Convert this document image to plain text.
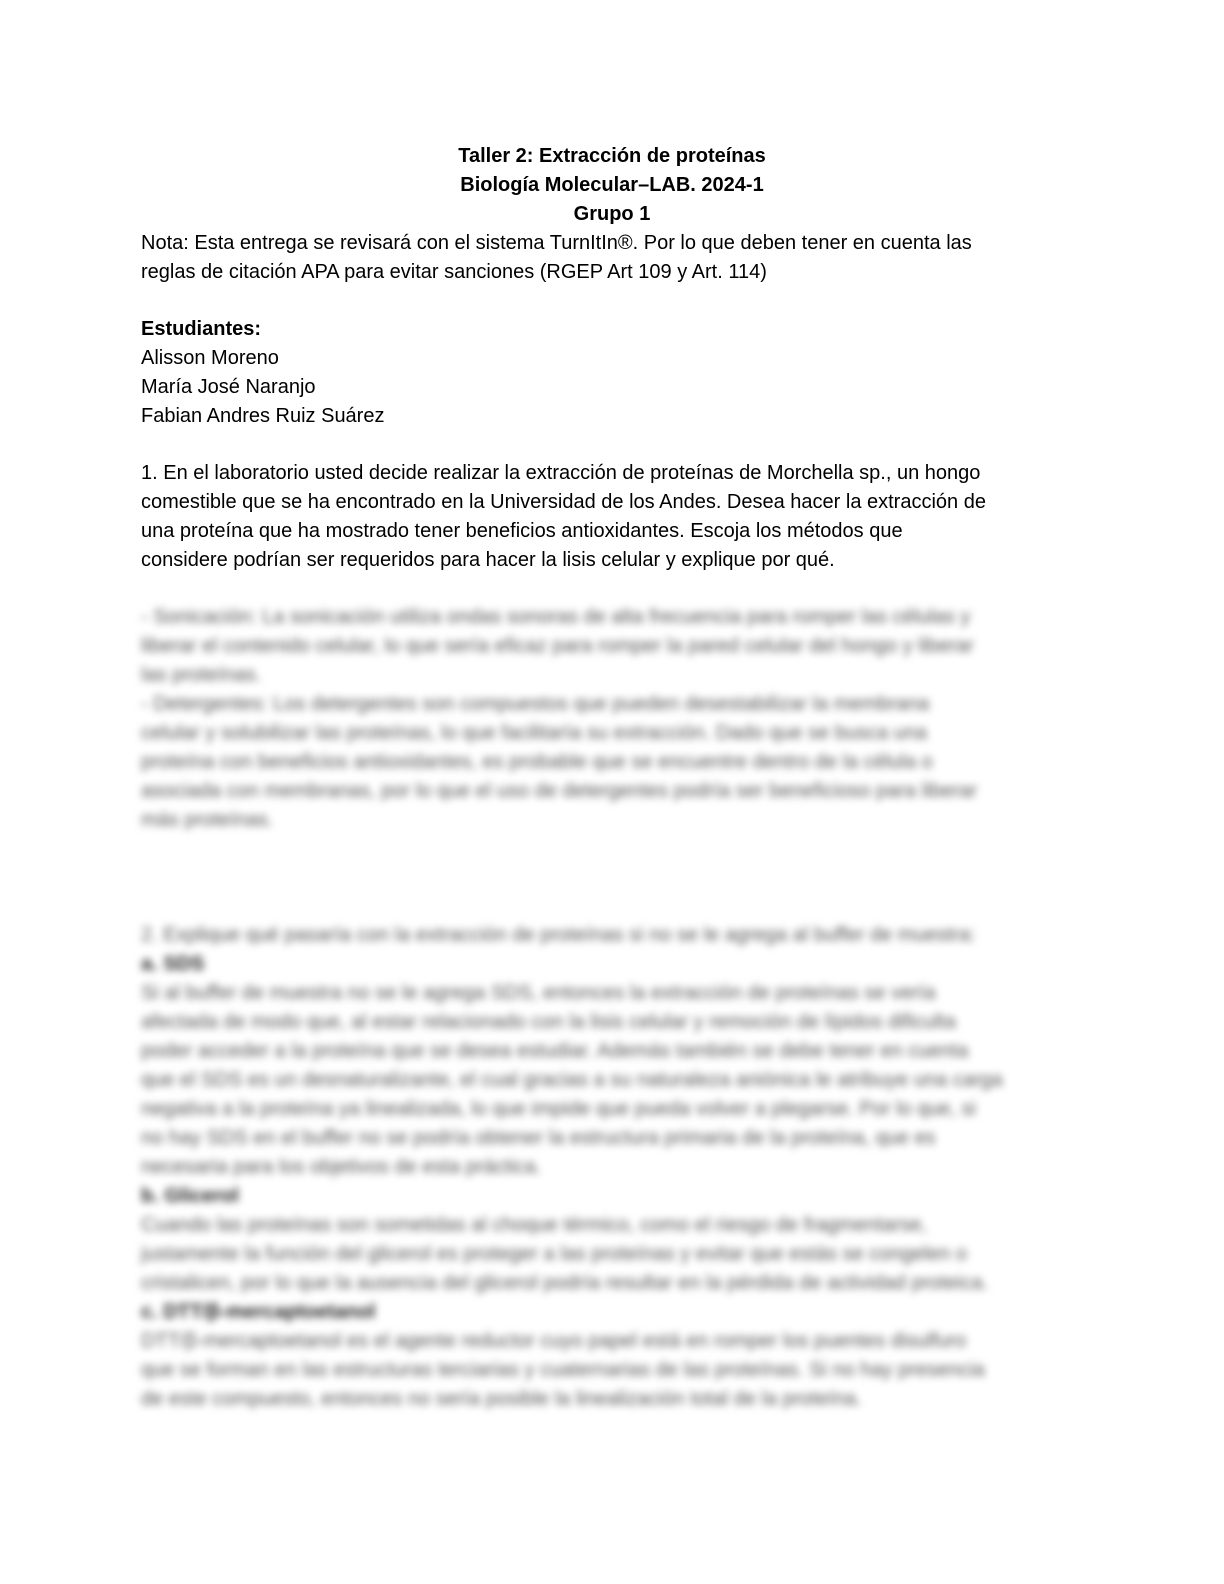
Taller 2: Extracción de proteínas
Biología Molecular–LAB. 2024-1
Grupo 1

Nota: Esta entrega se revisará con el sistema TurnItIn®. Por lo que deben tener en cuenta las

reglas de citación APA para evitar sanciones (RGEP Art 109 y Art. 114)

Estudiantes:

Alisson Moreno

María José Naranjo

Fabian Andres Ruiz Suárez

1. En el laboratorio usted decide realizar la extracción de proteínas de Morchella sp., un hongo

comestible que se ha encontrado en la Universidad de los Andes. Desea hacer la extracción de

una proteína que ha mostrado tener beneficios antioxidantes. Escoja los métodos que

considere podrían ser requeridos para hacer la lisis celular y explique por qué.

- Sonicación: La sonicación utiliza ondas sonoras de alta frecuencia para romper las células y

liberar el contenido celular, lo que sería eficaz para romper la pared celular del hongo y liberar

las proteínas.

- Detergentes: Los detergentes son compuestos que pueden desestabilizar la membrana

celular y solubilizar las proteínas, lo que facilitaría su extracción. Dado que se busca una

proteína con beneficios antioxidantes, es probable que se encuentre dentro de la célula o

asociada con membranas, por lo que el uso de detergentes podría ser beneficioso para liberar

más proteínas.

2. Explique qué pasaría con la extracción de proteínas si no se le agrega al buffer de muestra:

a. SDS

Si al buffer de muestra no se le agrega SDS, entonces la extracción de proteínas se vería

afectada de modo que, al estar relacionado con la lisis celular y remoción de lípidos dificulta

poder acceder a la proteína que se desea estudiar. Además también se debe tener en cuenta

que el SDS es un desnaturalizante, el cual gracias a su naturaleza aniónica le atribuye una carga

negativa a la proteína ya linealizada, lo que impide que pueda volver a plegarse. Por lo que, si

no hay SDS en el buffer no se podría obtener la estructura primaria de la proteína, que es

necesaria para los objetivos de esta práctica.

b. Glicerol

Cuando las proteínas son sometidas al choque térmico, como el riesgo de fragmentarse,

justamente la función del glicerol es proteger a las proteínas y evitar que estás se congelen o

cristalicen, por lo que la ausencia del glicerol podría resultar en la pérdida de actividad proteica.

c. DTT/β-mercaptoetanol

DTT/β-mercaptoetanol es el agente reductor cuyo papel está en romper los puentes disulfuro

que se forman en las estructuras terciarias y cuaternarias de las proteínas. Si no hay presencia

de este compuesto, entonces no sería posible la linealización total de la proteína.
